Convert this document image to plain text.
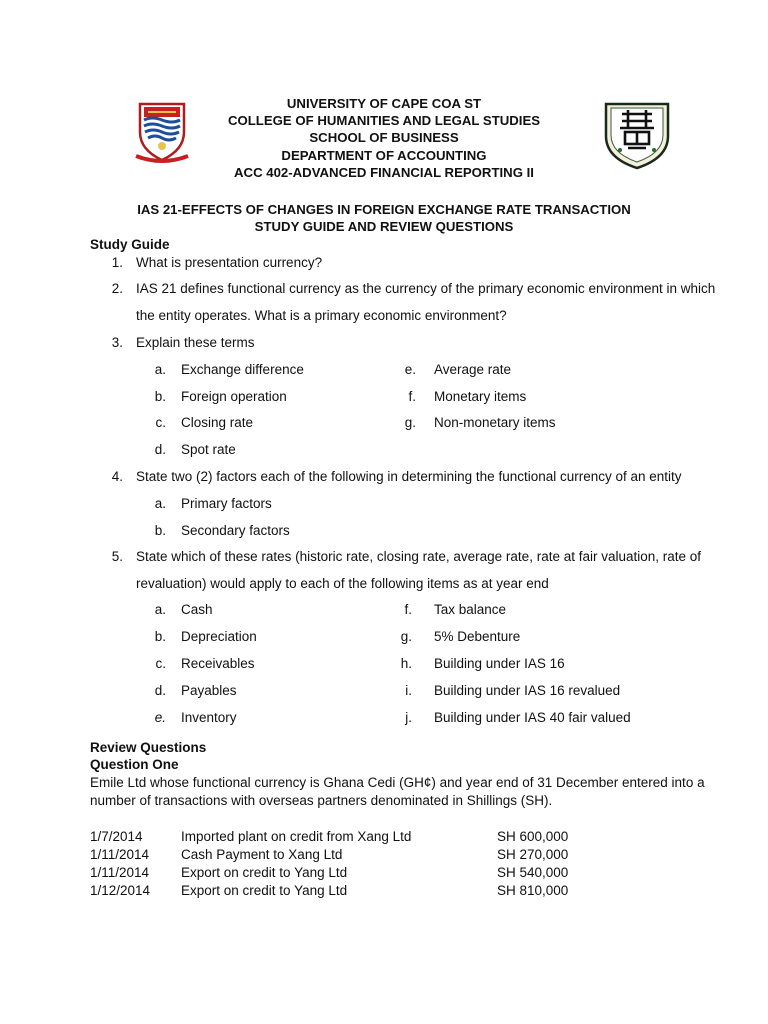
UNIVERSITY OF CAPE COA ST
COLLEGE OF HUMANITIES AND LEGAL STUDIES
SCHOOL OF BUSINESS
DEPARTMENT OF ACCOUNTING
ACC 402-ADVANCED FINANCIAL REPORTING II
IAS 21-EFFECTS OF CHANGES IN FOREIGN EXCHANGE RATE TRANSACTION
STUDY GUIDE AND REVIEW QUESTIONS
Study Guide
1. What is presentation currency?
2. IAS 21 defines functional currency as the currency of the primary economic environment in which
the entity operates. What is a primary economic environment?
3. Explain these terms
a. Exchange difference
b. Foreign operation
c. Closing rate
d. Spot rate
e. Average rate
f. Monetary items
g. Non-monetary items
4. State two (2) factors each of the following in determining the functional currency of an entity
a. Primary factors
b. Secondary factors
5. State which of these rates (historic rate, closing rate, average rate, rate at fair valuation, rate of
revaluation) would apply to each of the following items as at year end
a. Cash
b. Depreciation
c. Receivables
d. Payables
e. Inventory
f. Tax balance
g. 5% Debenture
h. Building under IAS 16
i. Building under IAS 16 revalued
j. Building under IAS 40 fair valued
Review Questions
Question One
Emile Ltd whose functional currency is Ghana Cedi (GH¢) and year end of 31 December entered into a
number of transactions with overseas partners denominated in Shillings (SH).
1/7/2014	Imported plant on credit from Xang Ltd	SH 600,000
1/11/2014 Cash Payment to Xang Ltd	SH 270,000
1/11/2014 Export on credit to Yang Ltd	SH 540,000
1/12/2014 Export on credit to Yang Ltd	SH 810,000
